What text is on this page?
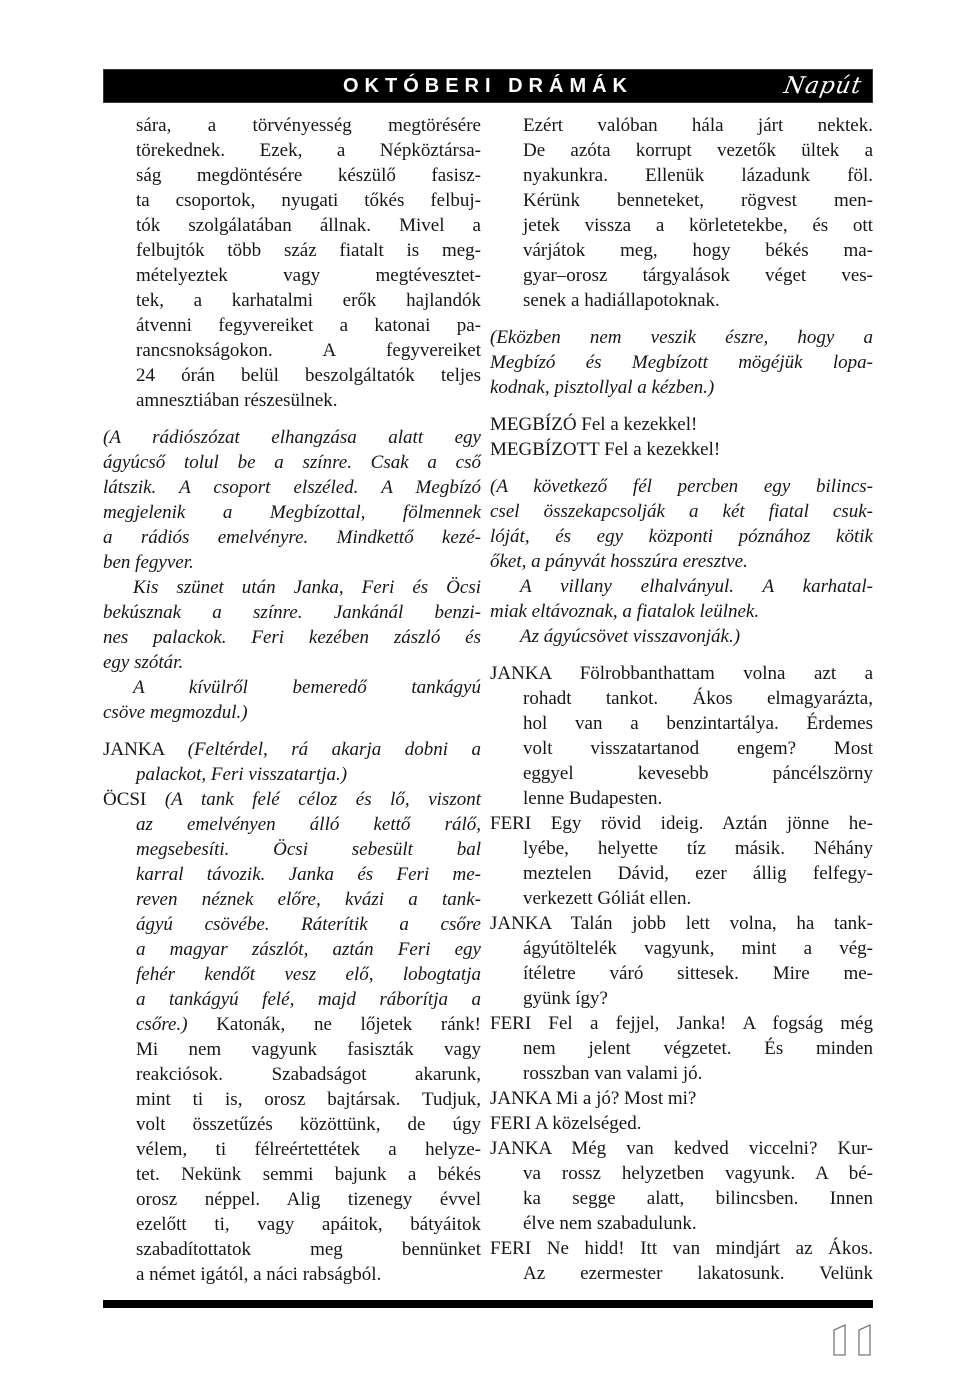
OKTÓBERI DRÁMÁK	Napút
sára, a törvényesség megtörésére
törekednek. Ezek, a Népköztársa-
ság megdöntésére készülő fasisz-
ta csoportok, nyugati tőkés felbuj-
tók szolgálatában állnak. Mivel a
felbujtók több száz fiatalt is meg-
mételyeztek vagy megtévesztet-
tek, a karhatalmi erők hajlandók
átvenni fegyvereiket a katonai pa-
rancsnokságokon. A fegyvereiket
24 órán belül beszolgáltatók teljes
amnesztiában részesülnek.
(A rádiószózat elhangzása alatt egy
ágyúcső tolul be a színre. Csak a cső
látszik. A csoport elszéled. A Megbízó
megjelenik a Megbízottal, fölmennek
a rádiós emelvényre. Mindkettő kezé-
ben fegyver.
Kis szünet után Janka, Feri és Öcsi
bekúsznak a színre. Jankánál benzi-
nes palackok. Feri kezében zászló és
egy szótár.
A kívülről bemeredő tankágyú
csöve megmozdul.)
JANKA (Feltérdel, rá akarja dobni a
palackot, Feri visszatartja.)
ÖCSI (A tank felé céloz és lő, viszont
az emelvényen álló kettő rálő,
megsebesíti. Öcsi sebesült bal
karral távozik. Janka és Feri me-
reven néznek előre, kvázi a tank-
ágyú csövébe. Ráterítik a csőre
a magyar zászlót, aztán Feri egy
fehér kendőt vesz elő, lobogtatja
a tankágyú felé, majd ráborítja a
csőre.) Katonák, ne lőjetek ránk!
Mi nem vagyunk fasiszták vagy
reakciósok. Szabadságot akarunk,
mint ti is, orosz bajtársak. Tudjuk,
volt összetűzés közöttünk, de úgy
vélem, ti félreértettétek a helyze-
tet. Nekünk semmi bajunk a békés
orosz néppel. Alig tizenegy évvel
ezelőtt ti, vagy apáitok, bátyáitok
szabadítottatok meg bennünket
a német igától, a náci rabságból.
Ezért valóban hála járt nektek.
De azóta korrupt vezetők ültek a
nyakunkra. Ellenük lázadunk föl.
Kérünk benneteket, rögvest men-
jetek vissza a körletetekbe, és ott
várjátok meg, hogy békés ma-
gyar–orosz tárgyalások véget ves-
senek a hadiállapotoknak.
(Eközben nem veszik észre, hogy a
Megbízó és Megbízott mögéjük lopa-
kodnak, pisztollyal a kézben.)
MEGBÍZÓ Fel a kezekkel!
MEGBÍZOTT Fel a kezekkel!
(A következő fél percben egy bilincs-
csel összekapcsolják a két fiatal csuk-
lóját, és egy központi póznához kötik
őket, a pányvát hosszúra eresztve.
A villany elhalványul. A karhatal-
miak eltávoznak, a fiatalok leülnek.
Az ágyúcsövet visszavonják.)
JANKA Fölrobbanthattam volna azt a
rohadt tankot. Ákos elmagyarázta,
hol van a benzintartálya. Érdemes
volt visszatartanod engem? Most
eggyel kevesebb páncélszörny
lenne Budapesten.
FERI Egy rövid ideig. Aztán jönne he-
lyébe, helyette tíz másik. Néhány
meztelen Dávid, ezer állig felfegy-
verkezett Góliát ellen.
JANKA Talán jobb lett volna, ha tank-
ágyútöltelék vagyunk, mint a vég-
ítéletre váró sittesek. Mire me-
gyünk így?
FERI Fel a fejjel, Janka! A fogság még
nem jelent végzetet. És minden
rosszban van valami jó.
JANKA Mi a jó? Most mi?
FERI A közelséged.
JANKA Még van kedved viccelni? Kur-
va rossz helyzetben vagyunk. A bé-
ka segge alatt, bilincsben. Innen
élve nem szabadulunk.
FERI Ne hidd! Itt van mindjárt az Ákos.
Az ezermester lakatosunk. Velünk
